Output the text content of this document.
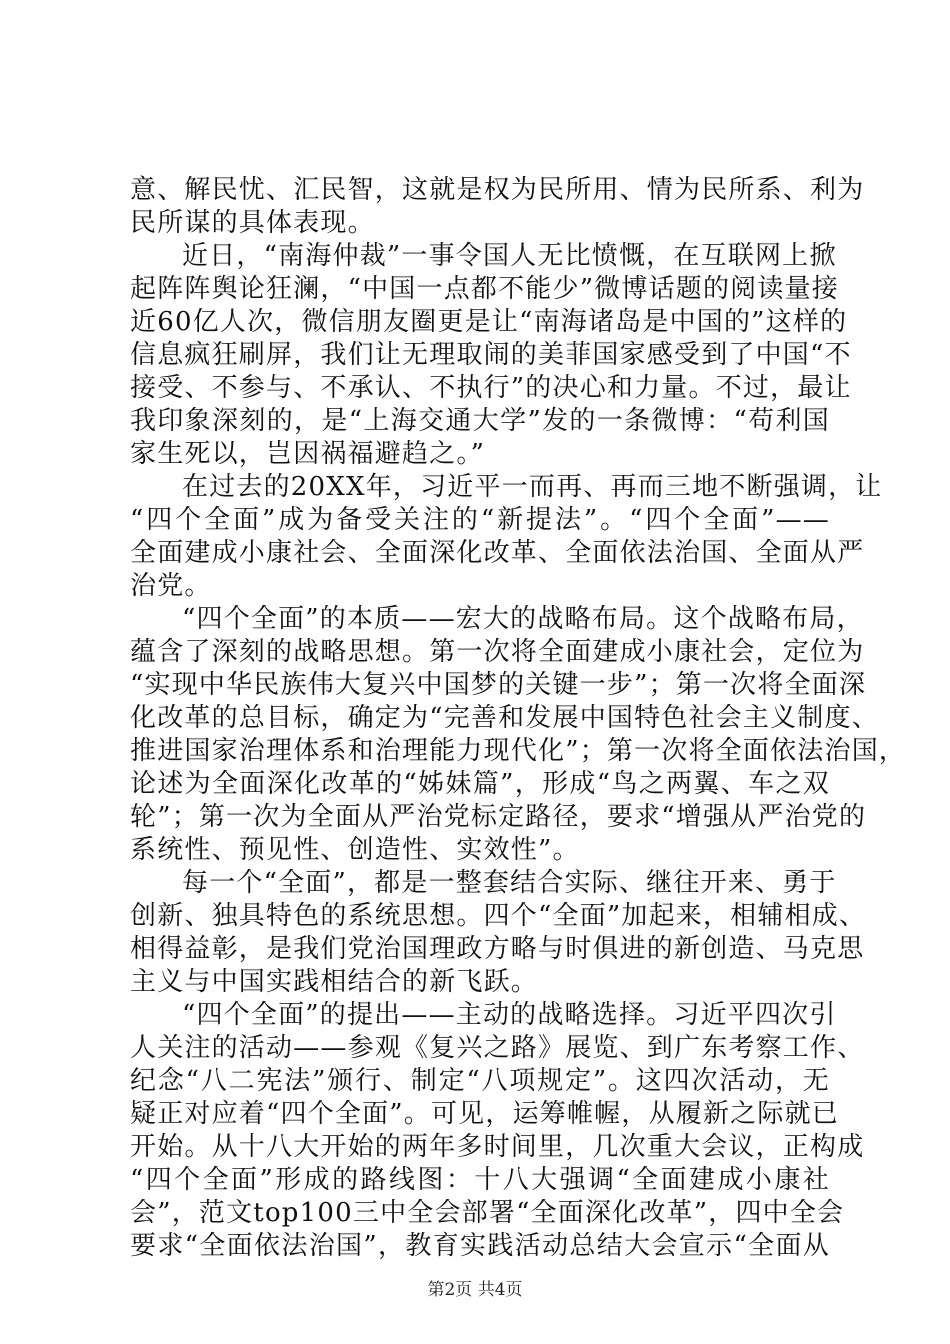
意、解民忧、汇民智，这就是权为民所用、情为民所系、利为
民所谋的具体表现。
近日，“南海仲裁”一事令国人无比愤慨，在互联网上掀
起阵阵舆论狂澜，“中国一点都不能少”微博话题的阅读量接
近60亿人次，微信朋友圈更是让“南海诸岛是中国的”这样的
信息疯狂刷屏，我们让无理取闹的美菲国家感受到了中国“不
接受、不参与、不承认、不执行”的决心和力量。不过，最让
我印象深刻的，是“上海交通大学”发的一条微博：“苟利国
家生死以，岂因祸福避趋之。”
在过去的20XX年，习近平一而再、再而三地不断强调，让
“四个全面”成为备受关注的“新提法”。“四个全面”——
全面建成小康社会、全面深化改革、全面依法治国、全面从严
治党。
“四个全面”的本质——宏大的战略布局。这个战略布局，
蕴含了深刻的战略思想。第一次将全面建成小康社会，定位为
“实现中华民族伟大复兴中国梦的关键一步”；第一次将全面深
化改革的总目标，确定为“完善和发展中国特色社会主义制度、
推进国家治理体系和治理能力现代化”；第一次将全面依法治国，
论述为全面深化改革的“姊妹篇”，形成“鸟之两翼、车之双
轮”；第一次为全面从严治党标定路径，要求“增强从严治党的
系统性、预见性、创造性、实效性”。
每一个“全面”，都是一整套结合实际、继往开来、勇于
创新、独具特色的系统思想。四个“全面”加起来，相辅相成、
相得益彰，是我们党治国理政方略与时俱进的新创造、马克思
主义与中国实践相结合的新飞跃。
“四个全面”的提出——主动的战略选择。习近平四次引
人关注的活动——参观《复兴之路》展览、到广东考察工作、
纪念“八二宪法”颁行、制定“八项规定”。这四次活动，无
疑正对应着“四个全面”。可见，运筹帷幄，从履新之际就已
开始。从十八大开始的两年多时间里，几次重大会议，正构成
“四个全面”形成的路线图：十八大强调“全面建成小康社
会”，范文top100三中全会部署“全面深化改革”，四中全会
要求“全面依法治国”，教育实践活动总结大会宣示“全面从
第2页 共4页
